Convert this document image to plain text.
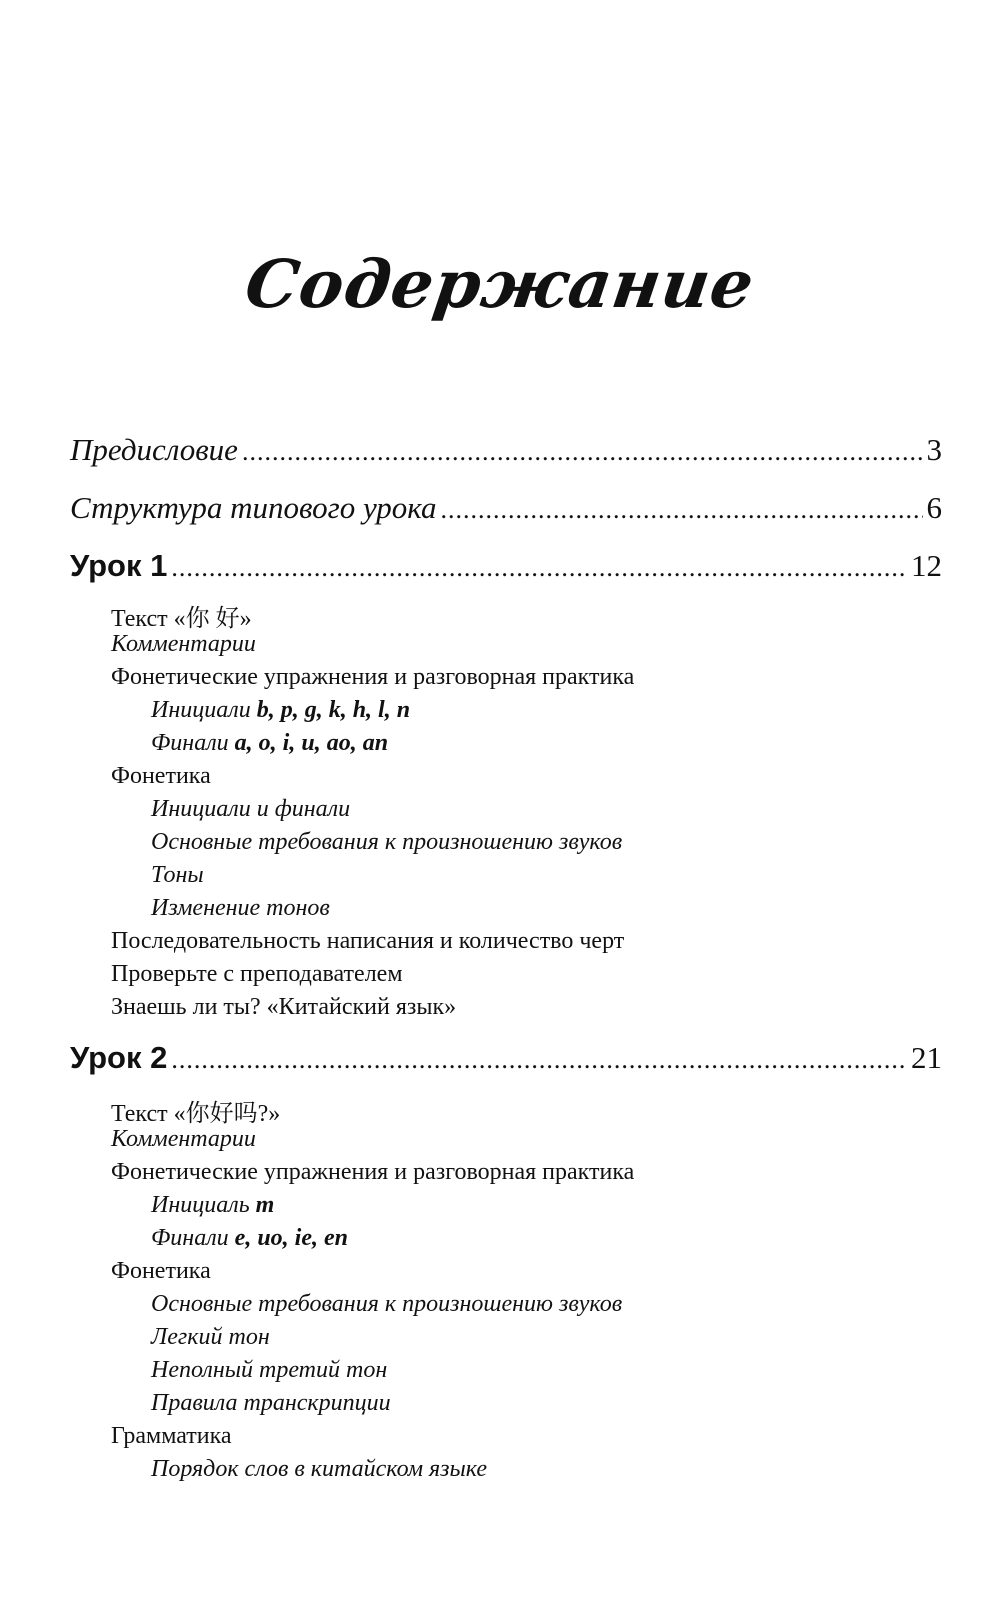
Содержание
Предисловие .....	3
Структура типового урока .....	6
Урок 1 .....	12
Текст «你 好»
Комментарии
Фонетические упражнения и разговорная практика
Инициали b, p, g, k, h, l, n
Финали a, o, i, u, ao, an
Фонетика
Инициали и финали
Основные требования к произношению звуков
Тоны
Изменение тонов
Последовательность написания и количество черт
Проверьте с преподавателем
Знаешь ли ты? «Китайский язык»
Урок 2 .....	21
Текст «你好吗?»
Комментарии
Фонетические упражнения и разговорная практика
Инициаль m
Финали e, uo, ie, en
Фонетика
Основные требования к произношению звуков
Легкий тон
Неполный третий тон
Правила транскрипции
Грамматика
Порядок слов в китайском языке
